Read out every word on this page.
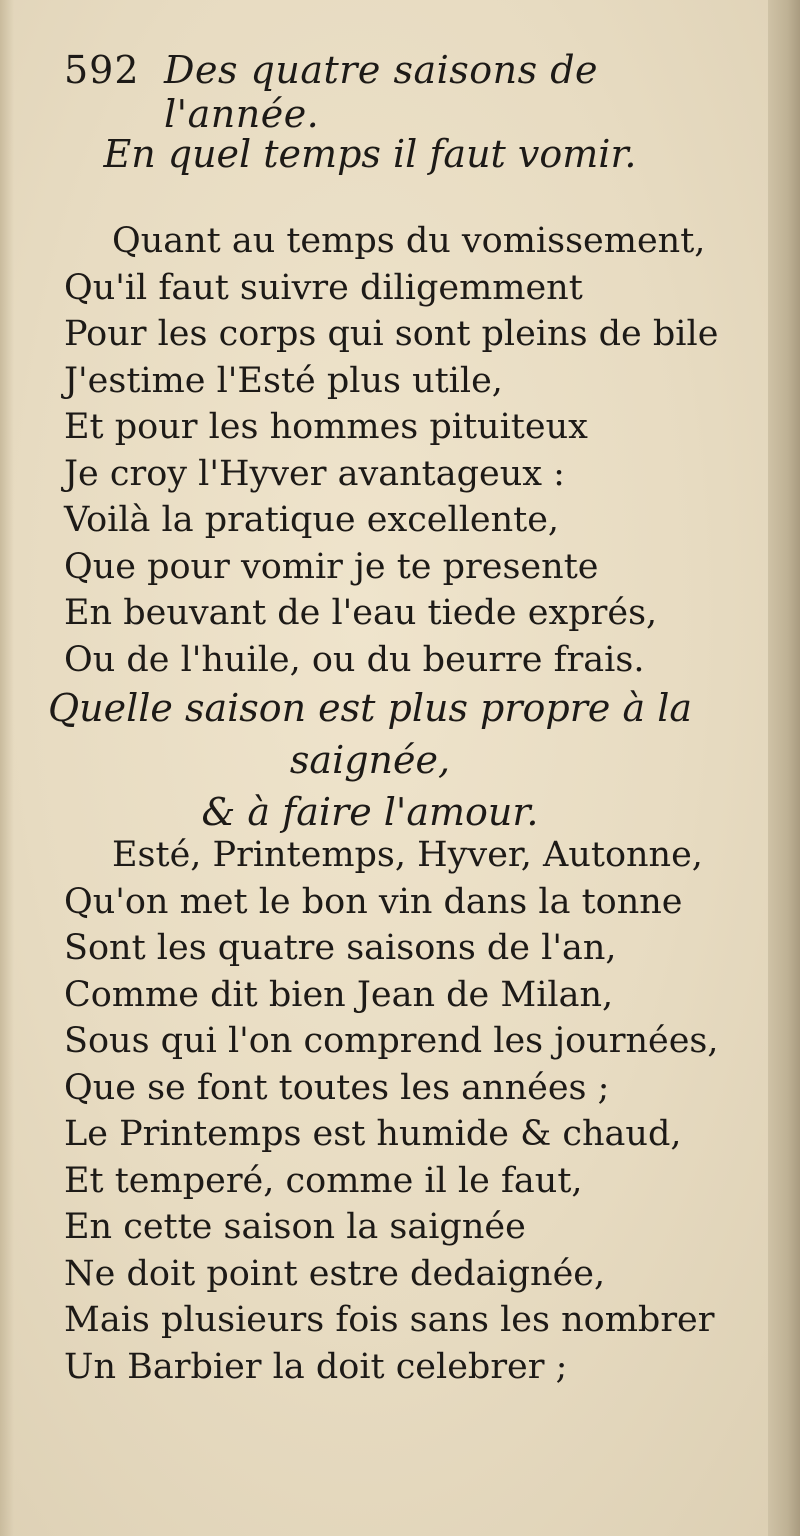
592 Des quatre saisons de l'année.
En quel temps il faut vomir.
Quant au temps du vomissement,
Qu'il faut suivre diligemment
Pour les corps qui sont pleins de bile
J'estime l'Esté plus utile,
Et pour les hommes pituiteux
Je croy l'Hyver avantageux :
Voilà la pratique excellente,
Que pour vomir je te presente
En beuvant de l'eau tiede exprés,
Ou de l'huile, ou du beurre frais.
Quelle saison est plus propre à la saignée,
& à faire l'amour.
Esté, Printemps, Hyver, Autonne,
Qu'on met le bon vin dans la tonne
Sont les quatre saisons de l'an,
Comme dit bien Jean de Milan,
Sous qui l'on comprend les journées,
Que se font toutes les années ;
Le Printemps est humide & chaud,
Et temperé, comme il le faut,
En cette saison la saignée
Ne doit point estre dedaignée,
Mais plusieurs fois sans les nombrer
Un Barbier la doit celebrer ;
